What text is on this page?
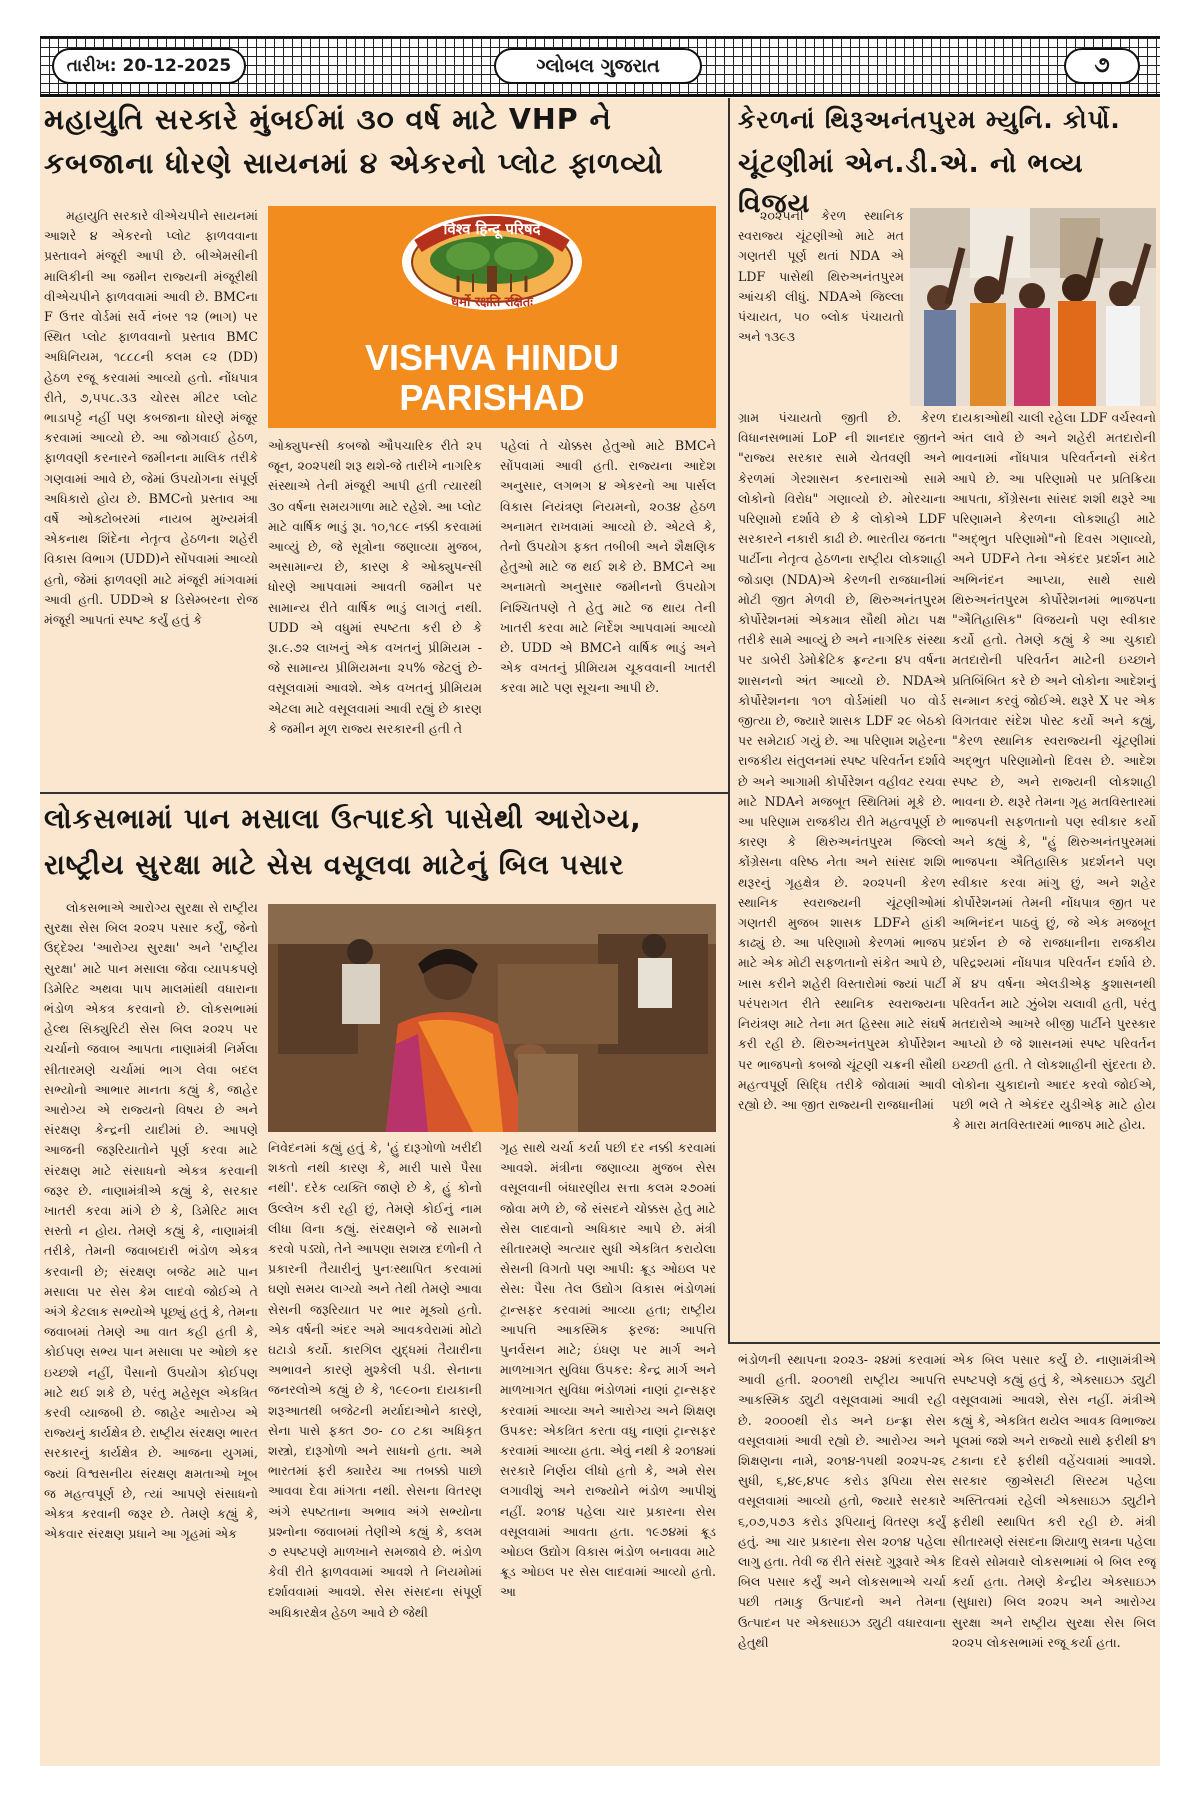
તારીખ: 20-12-2025	ગ્લોબલ ગુજરાત	૭
મહાયુતિ સરકારે મુંબઈમાં ૩૦ વર્ષ માટે VHP ને
કબજાના ધોરણે સાયનમાં ૪ એકરનો પ્લોટ ફાળવ્યો

મહાયુતિ સરકારે વીએચપીને સાયનમાં આશરે ૪ એકરનો પ્લોટ ફાળવવાના પ્રસ્તાવને મંજૂરી આપી છે. બીએમસીની માલિકીની આ જમીન રાજ્યની મંજૂરીથી વીએચપીને ફાળવવામાં આવી છે. BMCના F ઉત્તર વોર્ડમાં સર્વે નંબર ૧૨ (ભાગ) પર સ્થિત પ્લોટ ફાળવવાનો પ્રસ્તાવ BMC અધિનિયમ, ૧૮૮૮ની કલમ ૯૨ (DD) હેઠળ રજૂ કરવામાં આવ્યો હતો. નોંધપાત્ર રીતે, ૭,૫૫૮.૩૩ ચોરસ મીટર પ્લોટ ભાડાપટ્ટે નહીં પણ કબજાના ધોરણે મંજૂર કરવામાં આવ્યો છે. આ જોગવાઈ હેઠળ, ફાળવણી કરનારને જમીનના માલિક તરીકે ગણવામાં આવે છે, જેમાં ઉપયોગના સંપૂર્ણ અધિકારો હોય છે. BMCનો પ્રસ્તાવ આ વર્ષે ઓક્ટોબરમાં નાયબ મુખ્યમંત્રી એકનાથ શિંદેના નેતૃત્વ હેઠળના શહેરી વિકાસ વિભાગ (UDD)ને સોંપવામાં આવ્યો હતો, જેમાં ફાળવણી માટે મંજૂરી માંગવામાં આવી હતી. UDDએ ૪ ડિસેમ્બરના રોજ મંજૂરી આપતાં સ્પષ્ટ કર્યું હતું કે

विश्व हिन्दू परिषद
धर्मो रक्षति रक्षितः
VISHVA HINDU
PARISHAD

ઓક્યુપન્સી કબજો ઔપચારિક રીતે ૨૫ જૂન, ૨૦૨૫થી શરૂ થશે-જે તારીખે નાગરિક સંસ્થાએ તેની મંજૂરી આપી હતી ત્યારથી ૩૦ વર્ષના સમયગાળા માટે રહેશે. આ પ્લોટ માટે વાર્ષિક ભાડું રૂા. ૧૦,૧૮૯ નક્કી કરવામાં આવ્યું છે, જે સૂત્રોના જણાવ્યા મુજબ, અસામાન્ય છે, કારણ કે ઓક્યુપન્સી ધોરણે આપવામાં આવતી જમીન પર સામાન્ય રીતે વાર્ષિક ભાડું લાગતું નથી. UDD એ વધુમાં સ્પષ્ટતા કરી છે કે રૂા.૯.૭૨ લાખનું એક વખતનું પ્રીમિયમ - જે સામાન્ય પ્રીમિયમના ૨૫% જેટલું છે- વસૂલવામાં આવશે. એક વખતનું પ્રીમિયમ એટલા માટે વસૂલવામાં આવી રહ્યું છે કારણ કે જમીન મૂળ રાજ્ય સરકારની હતી તે

પહેલાં તે ચોક્કસ હેતુઓ માટે BMCને સોંપવામાં આવી હતી. રાજ્યના આદેશ અનુસાર, લગભગ ૪ એકરનો આ પાર્સલ વિકાસ નિયંત્રણ નિયમનો, ૨૦૩૪ હેઠળ અનામત રાખવામાં આવ્યો છે. એટલે કે, તેનો ઉપયોગ ફક્ત તબીબી અને શૈક્ષણિક હેતુઓ માટે જ થઈ શકે છે. BMCને આ અનામતો અનુસાર જમીનનો ઉપયોગ નિશ્ચિતપણે તે હેતુ માટે જ થાય તેની ખાતરી કરવા માટે નિર્દેશ આપવામાં આવ્યો છે. UDD એ BMCને વાર્ષિક ભાડું અને એક વખતનું પ્રીમિયમ ચૂકવવાની ખાતરી કરવા માટે પણ સૂચના આપી છે.

કેરળનાં થિરૂઅનંતપુરમ મ્યુનિ. કોર્પો.
ચૂંટણીમાં એન.ડી.એ. નો ભવ્ય વિજય

૨૦૨૫ની કેરળ સ્થાનિક સ્વરાજ્ય ચૂંટણીઓ માટે મત ગણતરી પૂર્ણ થતાં NDA એ LDF પાસેથી થિરુઅનંતપુરમ આંચકી લીધું. NDAએ જિલ્લા પંચાયત, ૫૦ બ્લોક પંચાયતો અને ૧૩૯૩

ગ્રામ પંચાયતો જીતી છે. કેરળ વિધાનસભામાં LoP ની શાનદાર જીતને "રાજ્ય સરકાર સામે ચેતવણી અને કેરળમાં ગેરશાસન કરનારાઓ સામે લોકોનો વિરોધ" ગણાવ્યો છે. મોરચાના પરિણામો દર્શાવે છે કે લોકોએ LDF સરકારને નકારી કાઢી છે. ભારતીય જનતા પાર્ટીના નેતૃત્વ હેઠળના રાષ્ટ્રીય લોકશાહી જોડાણ (NDA)એ કેરળની રાજધાનીમાં મોટી જીત મેળવી છે, થિરુઅનંતપુરમ કોર્પોરેશનમાં એકમાત્ર સૌથી મોટા પક્ષ તરીકે સામે આવ્યું છે અને નાગરિક સંસ્થા પર ડાબેરી ડેમોક્રેટિક ફ્રન્ટના ૪૫ વર્ષના શાસનનો અંત આવ્યો છે. NDAએ કોર્પોરેશનના ૧૦૧ વોર્ડમાંથી ૫૦ વોર્ડ જીત્યા છે, જ્યારે શાસક LDF ૨૯ બેઠકો પર સમેટાઈ ગયું છે. આ પરિણામ શહેરના રાજકીય સંતુલનમાં સ્પષ્ટ પરિવર્તન દર્શાવે છે અને આગામી કોર્પોરેશન વહીવટ રચવા માટે NDAને મજબૂત સ્થિતિમાં મૂકે છે. આ પરિણામ રાજકીય રીતે મહત્વપૂર્ણ છે કારણ કે થિરુઅનંતપુરમ જિલ્લો કોંગ્રેસના વરિષ્ઠ નેતા અને સાંસદ શશિ થરૂરનું ગૃહક્ષેત્ર છે. ૨૦૨૫ની કેરળ સ્થાનિક સ્વરાજ્યની ચૂંટણીઓમાં ગણતરી મુજબ શાસક LDFને હાંકી કાઢ્યું છે. આ પરિણામો કેરળમાં ભાજપ માટે એક મોટી સફળતાનો સંકેત આપે છે, ખાસ કરીને શહેરી વિસ્તારોમાં જ્યાં પાર્ટી પરંપરાગત રીતે સ્થાનિક સ્વરાજ્યના નિયંત્રણ માટે તેના મત હિસ્સા માટે સંઘર્ષ કરી રહી છે. થિરુઅનંતપુરમ કોર્પોરેશન પર ભાજપનો કબજો ચૂંટણી ચક્રની સૌથી મહત્વપૂર્ણ સિદ્ધિ તરીકે જોવામાં આવી રહ્યો છે. આ જીત રાજ્યની રાજધાનીમાં

દાયકાઓથી ચાલી રહેલા LDF વર્ચસ્વનો અંત લાવે છે અને શહેરી મતદારોની ભાવનામાં નોંધપાત્ર પરિવર્તનનો સંકેત આપે છે. આ પરિણામો પર પ્રતિક્રિયા આપતા, કોંગ્રેસના સાંસદ શશી થરૂરે આ પરિણામને કેરળના લોકશાહી માટે "અદ્ભુત પરિણામો"નો દિવસ ગણાવ્યો, અને UDFને તેના એકંદર પ્રદર્શન માટે અભિનંદન આપ્યા, સાથે સાથે થિરુઅનંતપુરમ કોર્પોરેશનમાં ભાજપના "ઐતિહાસિક" વિજયનો પણ સ્વીકાર કર્યો હતો. તેમણે કહ્યું કે આ ચુકાદો મતદારોની પરિવર્તન માટેની ઇચ્છાને પ્રતિબિંબિત કરે છે અને લોકોના આદેશનું સન્માન કરવું જોઈએ. થરૂરે X પર એક વિગતવાર સંદેશ પોસ્ટ કર્યો અને કહ્યું, "કેરળ સ્થાનિક સ્વરાજ્યની ચૂંટણીમાં અદ્ભુત પરિણામોનો દિવસ છે. આદેશ સ્પષ્ટ છે, અને રાજ્યની લોકશાહી ભાવના છે. થરૂરે તેમના ગૃહ મતવિસ્તારમાં ભાજપની સફળતાનો પણ સ્વીકાર કર્યો અને કહ્યું કે, "હું થિરુઅનંતપુરમમાં ભાજપના ઐતિહાસિક પ્રદર્શનને પણ સ્વીકાર કરવા માંગુ છું, અને શહેર કોર્પોરેશનમાં તેમની નોંધપાત્ર જીત પર અભિનંદન પાઠવું છું, જે એક મજબૂત પ્રદર્શન છે જે રાજધાનીના રાજકીય પરિદ્રશ્યમાં નોંધપાત્ર પરિવર્તન દર્શાવે છે. મેં ૪૫ વર્ષના એલડીએફ કુશાસનથી પરિવર્તન માટે ઝુંબેશ ચલાવી હતી, પરંતુ મતદારોએ આખરે બીજી પાર્ટીને પુરસ્કાર આપ્યો છે જે શાસનમાં સ્પષ્ટ પરિવર્તન ઇચ્છતી હતી. તે લોકશાહીની સુંદરતા છે. લોકોના ચુકાદાનો આદર કરવો જોઈએ, પછી ભલે તે એકંદર યુડીએફ માટે હોય કે મારા મતવિસ્તારમાં ભાજપ માટે હોય.

લોકસભામાં પાન મસાલા ઉત્પાદકો પાસેથી આરોગ્ય,
રાષ્ટ્રીય સુરક્ષા માટે સેસ વસૂલવા માટેનું બિલ પસાર

લોકસભાએ આરોગ્ય સુરક્ષા સે રાષ્ટ્રીય સુરક્ષા સેસ બિલ ૨૦૨૫ પસાર કર્યું, જેનો ઉદ્દેશ્ય 'આરોગ્ય સુરક્ષા' અને 'રાષ્ટ્રીય સુરક્ષા' માટે પાન મસાલા જેવા વ્યાપકપણે ડિમેરિટ અથવા પાપ માલમાંથી વધારાના ભંડોળ એકત્ર કરવાનો છે. લોકસભામાં હેલ્થ સિક્યુરિટી સેસ બિલ ૨૦૨૫ પર ચર્ચાનો જવાબ આપતા નાણામંત્રી નિર્મલા સીતારમણે ચર્ચામાં ભાગ લેવા બદલ સભ્યોનો આભાર માનતા કહ્યું કે, જાહેર આરોગ્ય એ રાજ્યનો વિષય છે અને સંરક્ષણ કેન્દ્રની યાદીમાં છે. આપણે આજની જરૂરિયાતોને પૂર્ણ કરવા માટે સંરક્ષણ માટે સંસાધનો એકત્ર કરવાની જરૂર છે. નાણામંત્રીએ કહ્યું કે, સરકાર ખાતરી કરવા માંગે છે કે, ડિમેરિટ માલ સસ્તો ન હોય. તેમણે કહ્યું કે, નાણામંત્રી તરીકે, તેમની જવાબદારી ભંડોળ એકત્ર કરવાની છે; સંરક્ષણ બજેટ માટે પાન મસાલા પર સેસ કેમ લાદવો જોઈએ તે અંગે કેટલાક સભ્યોએ પૂછ્યું હતું કે, તેમના જવાબમાં તેમણે આ વાત કહી હતી કે, કોઈપણ સભ્ય પાન મસાલા પર ઓછો કર ઇચ્છશે નહીં, પૈસાનો ઉપયોગ કોઈપણ માટે થઈ શકે છે, પરંતુ મહેસૂલ એકત્રિત કરવી વ્યાજબી છે. જાહેર આરોગ્ય એ રાજ્યનું કાર્યક્ષેત્ર છે. રાષ્ટ્રીય સંરક્ષણ ભારત સરકારનું કાર્યક્ષેત્ર છે. આજના યુગમાં, જ્યાં વિશ્વસનીય સંરક્ષણ ક્ષમતાઓ ખૂબ જ મહત્વપૂર્ણ છે, ત્યાં આપણે સંસાધનો એકત્ર કરવાની જરૂર છે. તેમણે કહ્યું કે, એકવાર સંરક્ષણ પ્રધાને આ ગૃહમાં એક

નિવેદનમાં કહ્યું હતું કે, 'હું દારૂગોળો ખરીદી શકતો નથી કારણ કે, મારી પાસે પૈસા નથી'. દરેક વ્યક્તિ જાણે છે કે, હું કોનો ઉલ્લેખ કરી રહી છું, તેમણે કોઈનું નામ લીધા વિના કહ્યું. સંરક્ષણને જે સામનો કરવો પડ્યો, તેને આપણા સશસ્ત્ર દળોની તે પ્રકારની તૈયારીનું પુનઃસ્થાપિત કરવામાં ઘણો સમય લાગ્યો અને તેથી તેમણે આવા સેસની જરૂરિયાત પર ભાર મૂક્યો હતો. એક વર્ષની અંદર અમે આવકવેરામાં મોટો ઘટાડો કર્યો. કારગિલ યુદ્ધમાં તૈયારીના અભાવને કારણે મુશ્કેલી પડી. સેનાના જનરલોએ કહ્યું છે કે, ૧૯૯૦ના દાયકાની શરૂઆતથી બજેટની મર્યાદાઓને કારણે, સેના પાસે ફક્ત ૭૦- ૮૦ ટકા અધિકૃત શસ્ત્રો, દારૂગોળો અને સાધનો હતા. અમે ભારતમાં ફરી ક્યારેય આ તબક્કો પાછો આવવા દેવા માંગતા નથી. સેસના વિતરણ અંગે સ્પષ્ટતાના અભાવ અંગે સભ્યોના પ્રશ્નોના જવાબમાં તેણીએ કહ્યું કે, કલમ ૭ સ્પષ્ટપણે માળખાને સમજાવે છે. ભંડોળ કેવી રીતે ફાળવવામાં આવશે તે નિયમોમાં દર્શાવવામાં આવશે. સેસ સંસદના સંપૂર્ણ અધિકારક્ષેત્ર હેઠળ આવે છે જેથી

ગૃહ સાથે ચર્ચા કર્યા પછી દર નક્કી કરવામાં આવશે. મંત્રીના જણાવ્યા મુજબ સેસ વસૂલવાની બંધારણીય સત્તા કલમ ૨૭૦માં જોવા મળે છે, જે સંસદને ચોક્કસ હેતુ માટે સેસ લાદવાનો અધિકાર આપે છે. મંત્રી સીતારમણે અત્યાર સુધી એકત્રિત કરાયેલા સેસની વિગતો પણ આપી: ક્રૂડ ઓઇલ પર સેસ: પૈસા તેલ ઉદ્યોગ વિકાસ ભંડોળમાં ટ્રાન્સફર કરવામાં આવ્યા હતા; રાષ્ટ્રીય આપત્તિ આકસ્મિક ફરજ: આપત્તિ પુનર્વસન માટે; ઇંધણ પર માર્ગ અને માળખાગત સુવિધા ઉપકર: કેન્દ્ર માર્ગ અને માળખાગત સુવિધા ભંડોળમાં નાણાં ટ્રાન્સફર કરવામાં આવ્યા અને આરોગ્ય અને શિક્ષણ ઉપકર: એકત્રિત કરતા વધુ નાણાં ટ્રાન્સફર કરવામાં આવ્યા હતા. એવું નથી કે ૨૦૧૪માં સરકારે નિર્ણય લીધો હતો કે, અમે સેસ લગાવીશું અને રાજ્યોને ભંડોળ આપીશું નહીં. ૨૦૧૪ પહેલા ચાર પ્રકારના સેસ વસૂલવામાં આવતા હતા. ૧૯૭૪માં ક્રૂડ ઓઇલ ઉદ્યોગ વિકાસ ભંડોળ બનાવવા માટે ક્રૂડ ઓઇલ પર સેસ લાદવામાં આવ્યો હતો. આ

ભંડોળની સ્થાપના ૨૦૨૩- ૨૪માં કરવામાં આવી હતી. ૨૦૦૧થી રાષ્ટ્રીય આપત્તિ આકસ્મિક ડ્યુટી વસૂલવામાં આવી રહી છે. ૨૦૦૦થી રોડ અને ઇન્ફ્રા સેસ વસૂલવામાં આવી રહ્યો છે. આરોગ્ય અને શિક્ષણના નામે, ૨૦૧૪-૧૫થી ૨૦૨૫-૨૬ સુધી, ૬,૪૯,૪૫૯ કરોડ રૂપિયા સેસ વસૂલવામાં આવ્યો હતો, જ્યારે સરકારે ૬,૦૭,૫૭૩ કરોડ રૂપિયાનું વિતરણ કર્યું હતું. આ ચાર પ્રકારના સેસ ૨૦૧૪ પહેલા લાગુ હતા. તેવી જ રીતે સંસદે ગુરૂવારે એક બિલ પસાર કર્યું અને લોકસભાએ ચર્ચા પછી તમાકુ ઉત્પાદનો અને તેમના ઉત્પાદન પર એક્સાઇઝ ડ્યુટી વધારવાના હેતુથી

એક બિલ પસાર કર્યું છે. નાણામંત્રીએ સ્પષ્ટપણે કહ્યું હતું કે, એક્સાઇઝ ડ્યુટી વસૂલવામાં આવશે, સેસ નહીં. મંત્રીએ કહ્યું કે, એકત્રિત થયેલ આવક વિભાજ્ય પૂલમાં જશે અને રાજ્યો સાથે ફરીથી ૪૧ ટકાના દરે ફરીથી વહેંચવામાં આવશે. સરકાર જીએસટી સિસ્ટમ પહેલા અસ્તિત્વમાં રહેલી એક્સાઇઝ ડ્યુટીને ફરીથી સ્થાપિત કરી રહી છે. મંત્રી સીતારમણે સંસદના શિયાળુ સત્રના પહેલા દિવસે સોમવારે લોકસભામાં બે બિલ રજૂ કર્યા હતા. તેમણે કેન્દ્રીય એક્સાઇઝ (સુધારા) બિલ ૨૦૨૫ અને આરોગ્ય સુરક્ષા અને રાષ્ટ્રીય સુરક્ષા સેસ બિલ ૨૦૨૫ લોકસભામાં રજૂ કર્યા હતા.
